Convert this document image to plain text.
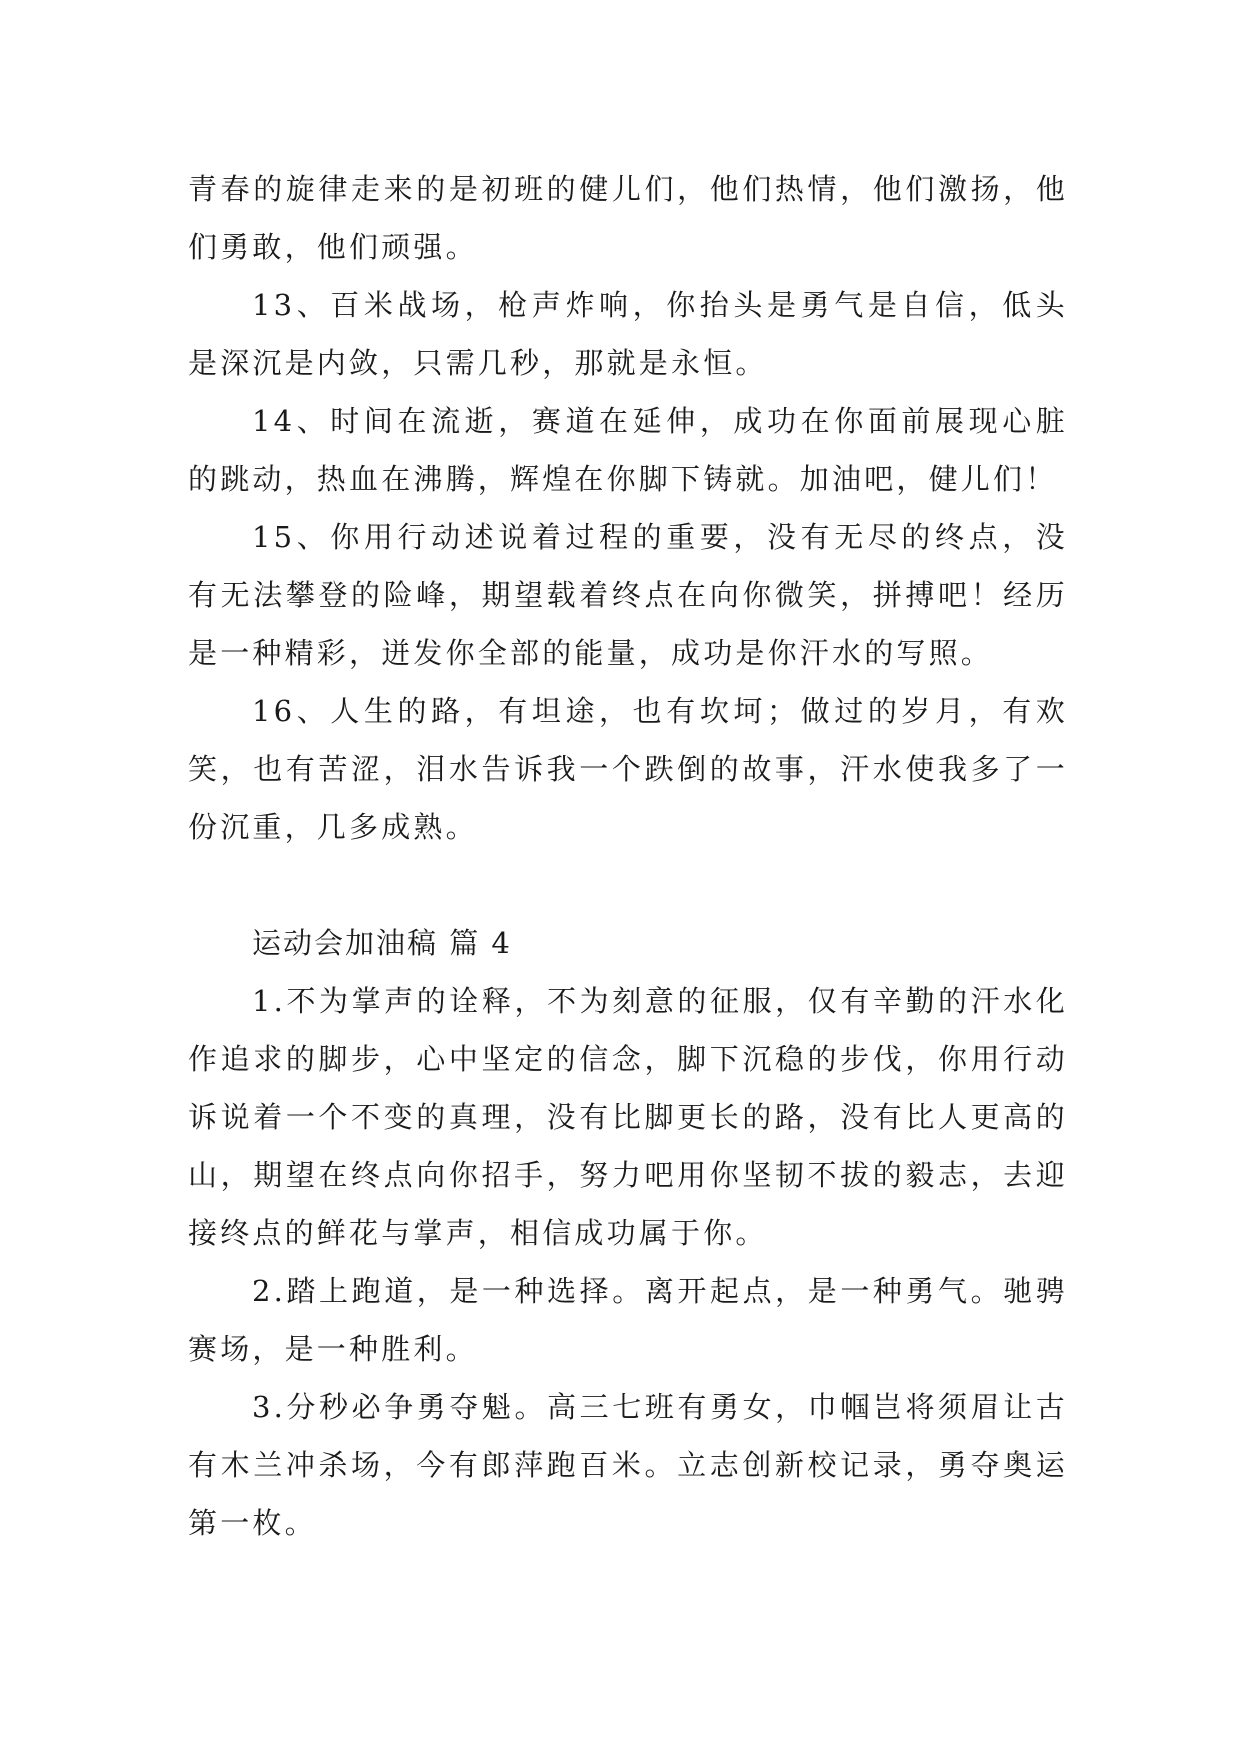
青春的旋律走来的是初班的健儿们，他们热情，他们激扬，他们勇敢，他们顽强。

13、百米战场，枪声炸响，你抬头是勇气是自信，低头是深沉是内敛，只需几秒，那就是永恒。

14、时间在流逝，赛道在延伸，成功在你面前展现心脏的跳动，热血在沸腾，辉煌在你脚下铸就。加油吧，健儿们！

15、你用行动述说着过程的重要，没有无尽的终点，没有无法攀登的险峰，期望载着终点在向你微笑，拼搏吧！经历是一种精彩，迸发你全部的能量，成功是你汗水的写照。

16、人生的路，有坦途，也有坎坷；做过的岁月，有欢笑，也有苦涩，泪水告诉我一个跌倒的故事，汗水使我多了一份沉重，几多成熟。

运动会加油稿 篇 4

1.不为掌声的诠释，不为刻意的征服，仅有辛勤的汗水化作追求的脚步，心中坚定的信念，脚下沉稳的步伐，你用行动诉说着一个不变的真理，没有比脚更长的路，没有比人更高的山，期望在终点向你招手，努力吧用你坚韧不拔的毅志，去迎接终点的鲜花与掌声，相信成功属于你。

2.踏上跑道，是一种选择。离开起点，是一种勇气。驰骋赛场，是一种胜利。

3.分秒必争勇夺魁。高三七班有勇女，巾帼岂将须眉让古有木兰冲杀场，今有郎萍跑百米。立志创新校记录，勇夺奥运第一枚。
